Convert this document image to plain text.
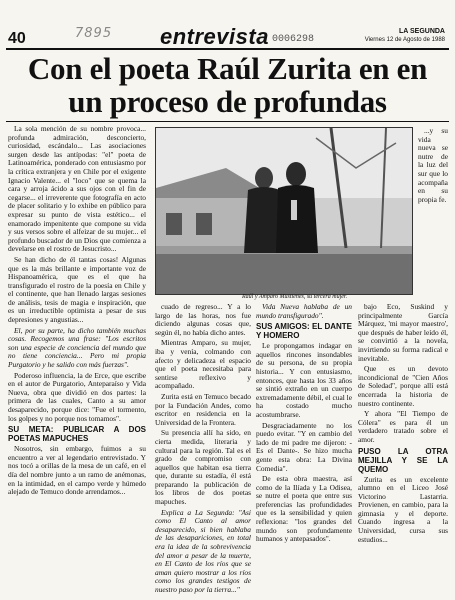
40	7895 entrevista 0006298
LA SEGUNDA
Viernes 12 de Agosto de 1988
Con el poeta Raúl Zurita en en un proceso de profundas

La sola mención de su nombre provoca... profunda admiración, desconcierto, curiosidad, escándalo... Las asociaciones surgen desde las antípodas: "el" poeta de Latinoamérica, ponderado con entusiasmo por la crítica extranjera y en Chile por el exigente Ignacio Valente... el "loco" que se quema la cara y arroja ácido a sus ojos con el fin de cegarse... el irreverente que fotografía en acto de placer solitario y lo exhibe en público para expresar su punto de vista estético... el enamorado impenitente que compone su vida y sus versos sobre el alfeizar de su mujer... el profundo buscador de un Dios que comienza a develarse en el rostro de Jesucristo...

Se han dicho de él tantas cosas! Algunas que es la más brillante e importante voz de Hispanoamérica, que es el que ha transfigurado el rostro de la poesía en Chile y el continente, que han llenado largas sesiones de análisis, tesis de magia e inspiración, que es un irreductible optimista a pesar de sus depresiones y angustias...

El, por su parte, ha dicho también muchas cosas. Recogemos una frase: "Los escritos son una especie de conciencia del mundo que no tiene conciencia... Pero mi propia Purgatorio y he salido con más fuerzas".

Poderoso influencia, la de Erce, que escribe en el autor de Purgatorio, Anteparaíso y Vida Nueva, obra que dividió en dos partes: la primera de las cuales, Canto a su amor desaparecido, porque dice: "Fue el tormento, los golpes y no porque nos tomamos".

SU META: PUBLICAR A DOS POETAS MAPUCHES

Nosotros, sin embargo, fuimos a su encuentro a ver al legendario entrevistado. Y nos tocó a orillas de la mesa de un café, en el día del nombre junto a un ramo de anémonas, en la intimidad, en el campo verde y húmedo alejado de Temuco donde arrendamos...

Raúl y Amparo Mustienes, su tercera mujer.

...y su vida nueva se nutre de la luz del sur que lo acompaña en su propia fe.

cuado de regreso... Y a lo largo de las horas, nos fue diciendo algunas cosas que, según él, no había dicho antes.

Mientras Amparo, su mujer, iba y venía, colmando con afecto y delicadeza el espacio que el poeta necesitaba para sentirse reflexivo y acompañado.

Zurita está en Temuco becado por la Fundación Andes, como escritor en residencia en la Universidad de la Frontera.

Su presencia allí ha sido, en cierta medida, literaria y cultural para la región. Tal es el grado de compromiso con aquellos que habitan esa tierra que, durante su estadía, él está preparando la publicación de los libros de dos poetas mapuches.

Explica a La Segunda: "Así como El Canto al amor desaparecido, si bien hablaba de las desapariciones, en total era la idea de la sobrevivencia del amor a pesar de la muerte, en El Canto de los ríos que se aman quiero mostrar a los ríos como los grandes testigos de nuestro paso por la tierra..."

Vida Nueva hablaba de un mundo transfigurado".

SUS AMIGOS: EL DANTE Y HOMERO

Le propongamos indagar en aquellos rincones insondables de su persona, de su propia historia... Y con entusiasmo, entonces, que hasta los 33 años se sintió extraño en un cuerpo extremadamente débil, el cual le ha costado mucho acostumbrarse.

Desgraciadamente no los puedo evitar. "Y en cambio del lado de mi padre me dijeron: -Es el Dante-. Se hizo mucha gente esta obra: La Divina Comedia".

De esta obra maestra, así como de la Ilíada y La Odisea, se nutre el poeta que entre sus preferencias las profundidades que es la sensibilidad y quien reflexiona: "los grandes del mundo son profundamente humanos y antepasados".

bajo Eco, Suskind y principalmente García Márquez, 'mi mayor maestro', que después de haber leído él, se convirtió a la novela, invirtiendo su forma radical e inevitable.

Que es un devoto incondicional de "Cien Años de Soledad", porque allí está encerrada la historia de nuestro continente.

Y ahora "El Tiempo de Cólera" es para él un verdadero tratado sobre el amor.

PUSO LA OTRA MEJILLA Y SE LA QUEMO

Zurita es un excelente alumno en el Liceo José Victorino Lastarria. Provienen, en cambio, para la gimnasia y el deporte. Cuando ingresa a la Universidad, cursa sus estudios...
